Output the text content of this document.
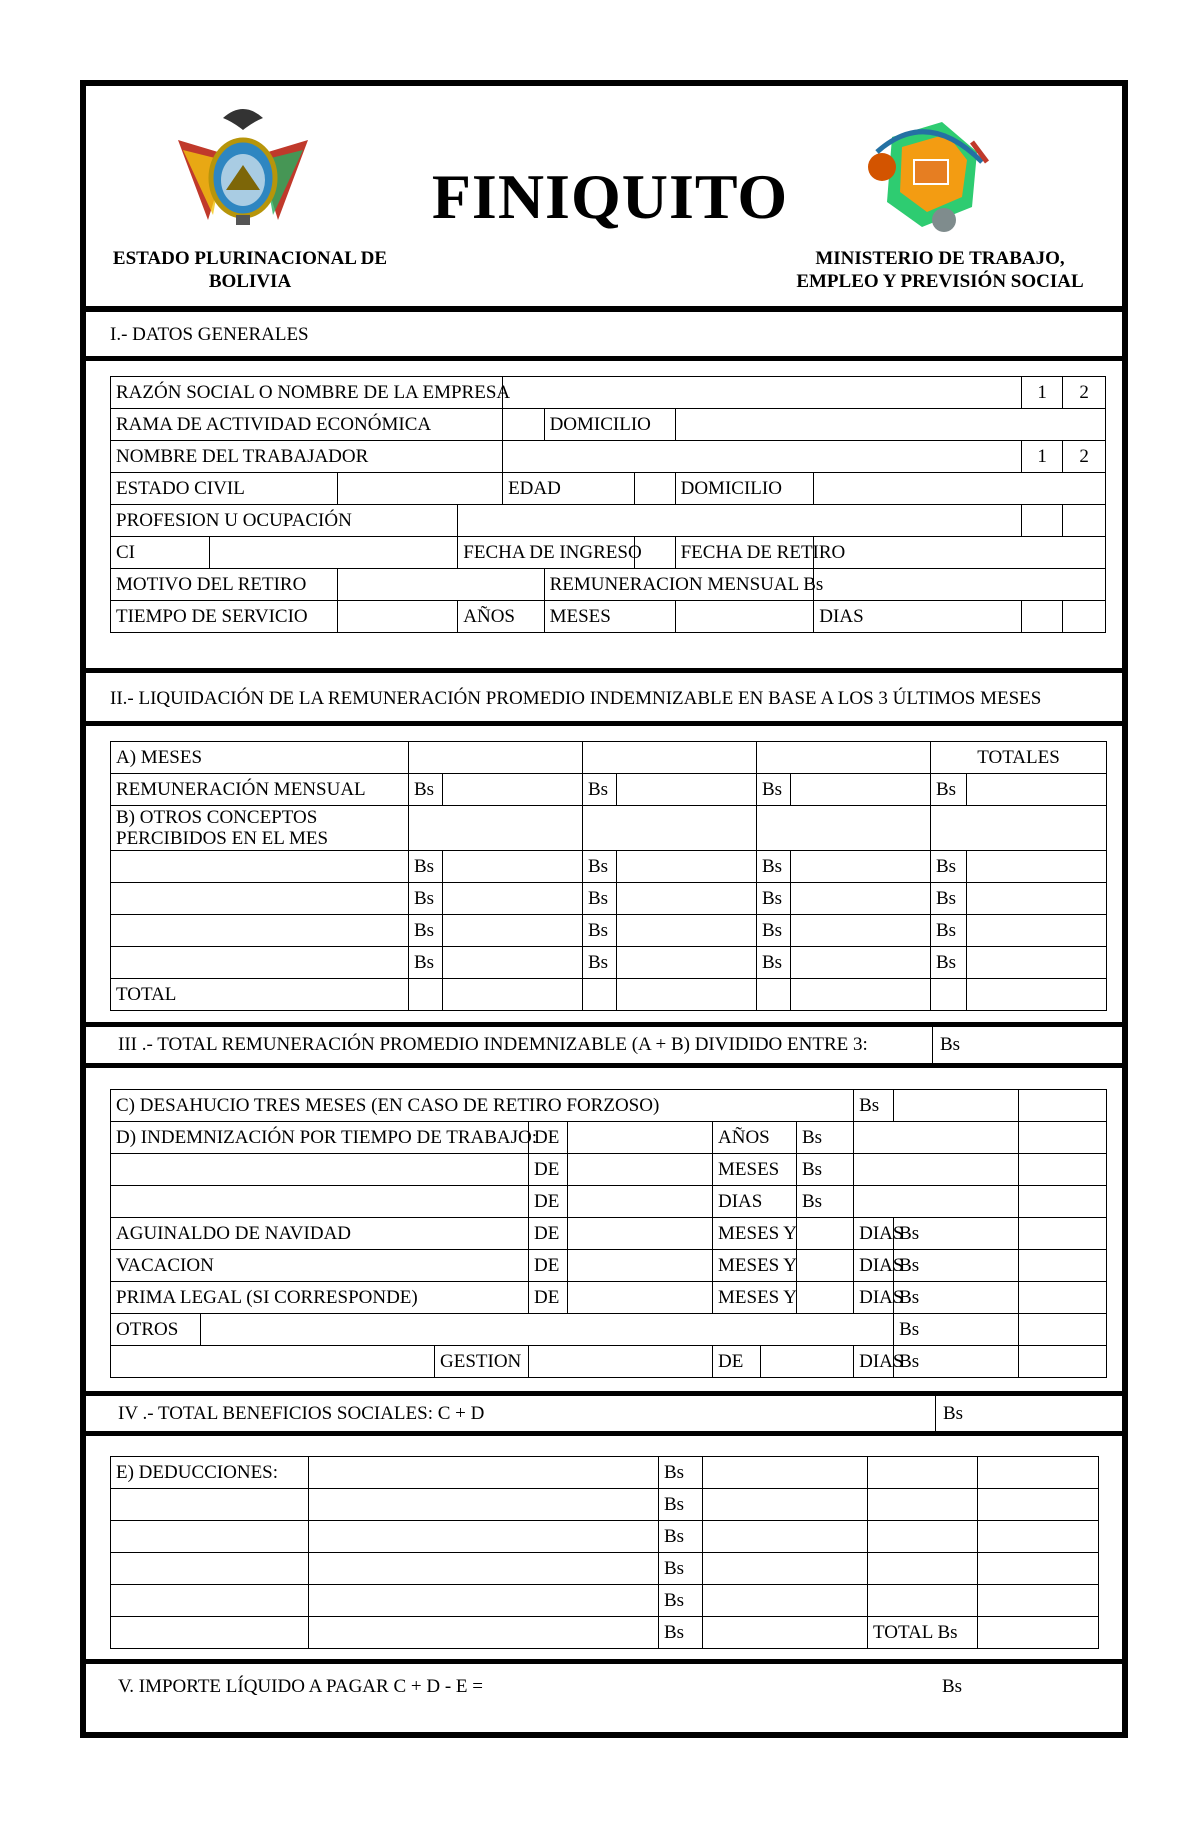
FINIQUITO
ESTADO PLURINACIONAL DE
BOLIVIA
MINISTERIO DE TRABAJO,
EMPLEO Y PREVISIÓN SOCIAL
I.- DATOS GENERALES
II.- LIQUIDACIÓN DE LA REMUNERACIÓN PROMEDIO INDEMNIZABLE EN BASE A LOS 3 ÚLTIMOS MESES
RAZÓN SOCIAL O NOMBRE DE LA EMPRESA									1	2
RAMA DE ACTIVIDAD ECONÓMICA					DOMICILIO					
NOMBRE DEL TRABAJADOR									1	2
ESTADO CIVIL				EDAD			DOMICILIO			
PROFESION U OCUPACIÓN										
CI			FECHA DE INGRESO				FECHA DE RETIRO			
MOTIVO DEL RETIRO					REMUNERACION MENSUAL Bs					
TIEMPO DE SERVICIO			AÑOS		MESES			DIAS		
A) MESES							TOTALES	
REMUNERACIÓN MENSUAL	Bs		Bs		Bs		Bs	

B) OTROS CONCEPTOS
PERCIBIDOS EN EL MES								

	Bs		Bs		Bs		Bs	
	Bs		Bs		Bs		Bs	
	Bs		Bs		Bs		Bs	
	Bs		Bs		Bs		Bs	
TOTAL								
III .- TOTAL REMUNERACIÓN PROMEDIO INDEMNIZABLE (A + B) DIVIDIDO ENTRE 3:	Bs
C) DESAHUCIO TRES MESES (EN CASO DE RETIRO FORZOSO)								Bs		
D) INDEMNIZACIÓN POR TIEMPO DE TRABAJO:			DE		AÑOS		Bs			
			DE		MESES		Bs			
			DE		DIAS		Bs			
AGUINALDO DE NAVIDAD			DE		MESES Y			DIAS	Bs	
VACACION			DE		MESES Y			DIAS	Bs	
PRIMA LEGAL (SI CORRESPONDE)			DE		MESES Y			DIAS	Bs	
OTROS									Bs	
		GESTION			DE			DIAS	Bs	
IV .- TOTAL BENEFICIOS SOCIALES: C + D	Bs
E) DEDUCCIONES:		Bs			
		Bs			
		Bs			
		Bs			
		Bs			
		Bs		TOTAL Bs	
V. IMPORTE LÍQUIDO A PAGAR C + D - E =	Bs
